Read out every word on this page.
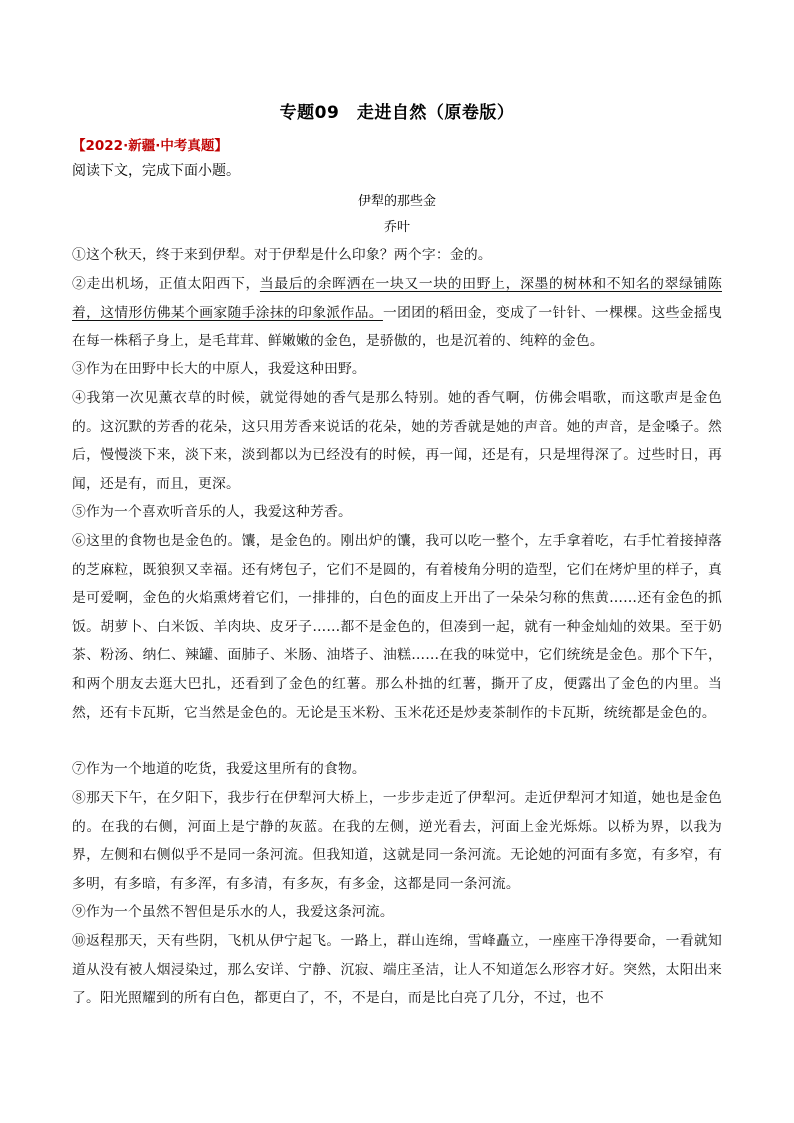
专题09　走进自然（原卷版）
【2022·新疆·中考真题】
阅读下文，完成下面小题。
伊犁的那些金
乔叶

①这个秋天，终于来到伊犁。对于伊犁是什么印象？两个字：金的。

②走出机场，正值太阳西下，当最后的余晖洒在一块又一块的田野上，深墨的树林和不知名的翠绿铺陈着，这情形仿佛某个画家随手涂抹的印象派作品。一团团的稻田金，变成了一针针、一棵棵。这些金摇曳在每一株稻子身上，是毛茸茸、鲜嫩嫩的金色，是骄傲的，也是沉着的、纯粹的金色。

③作为在田野中长大的中原人，我爱这种田野。

④我第一次见薰衣草的时候，就觉得她的香气是那么特别。她的香气啊，仿佛会唱歌，而这歌声是金色的。这沉默的芳香的花朵，这只用芳香来说话的花朵，她的芳香就是她的声音。她的声音，是金嗓子。然后，慢慢淡下来，淡下来，淡到都以为已经没有的时候，再一闻，还是有，只是埋得深了。过些时日，再闻，还是有，而且，更深。

⑤作为一个喜欢听音乐的人，我爱这种芳香。

⑥这里的食物也是金色的。馕，是金色的。刚出炉的馕，我可以吃一整个，左手拿着吃，右手忙着接掉落的芝麻粒，既狼狈又幸福。还有烤包子，它们不是圆的，有着棱角分明的造型，它们在烤炉里的样子，真是可爱啊，金色的火焰熏烤着它们，一排排的，白色的面皮上开出了一朵朵匀称的焦黄……还有金色的抓饭。胡萝卜、白米饭、羊肉块、皮牙子……都不是金色的，但凑到一起，就有一种金灿灿的效果。至于奶茶、粉汤、纳仁、辣罐、面肺子、米肠、油塔子、油糕……在我的味觉中，它们统统是金色。那个下午，和两个朋友去逛大巴扎，还看到了金色的红薯。那么朴拙的红薯，撕开了皮，便露出了金色的内里。当然，还有卡瓦斯，它当然是金色的。无论是玉米粉、玉米花还是炒麦茶制作的卡瓦斯，统统都是金色的。

⑦作为一个地道的吃货，我爱这里所有的食物。

⑧那天下午，在夕阳下，我步行在伊犁河大桥上，一步步走近了伊犁河。走近伊犁河才知道，她也是金色的。在我的右侧，河面上是宁静的灰蓝。在我的左侧，逆光看去，河面上金光烁烁。以桥为界，以我为界，左侧和右侧似乎不是同一条河流。但我知道，这就是同一条河流。无论她的河面有多宽，有多窄，有多明，有多暗，有多浑，有多清，有多灰，有多金，这都是同一条河流。

⑨作为一个虽然不智但是乐水的人，我爱这条河流。

⑩返程那天，天有些阴，飞机从伊宁起飞。一路上，群山连绵，雪峰矗立，一座座干净得要命，一看就知道从没有被人烟浸染过，那么安详、宁静、沉寂、端庄圣洁，让人不知道怎么形容才好。突然，太阳出来了。阳光照耀到的所有白色，都更白了，不，不是白，而是比白亮了几分，不过，也不
